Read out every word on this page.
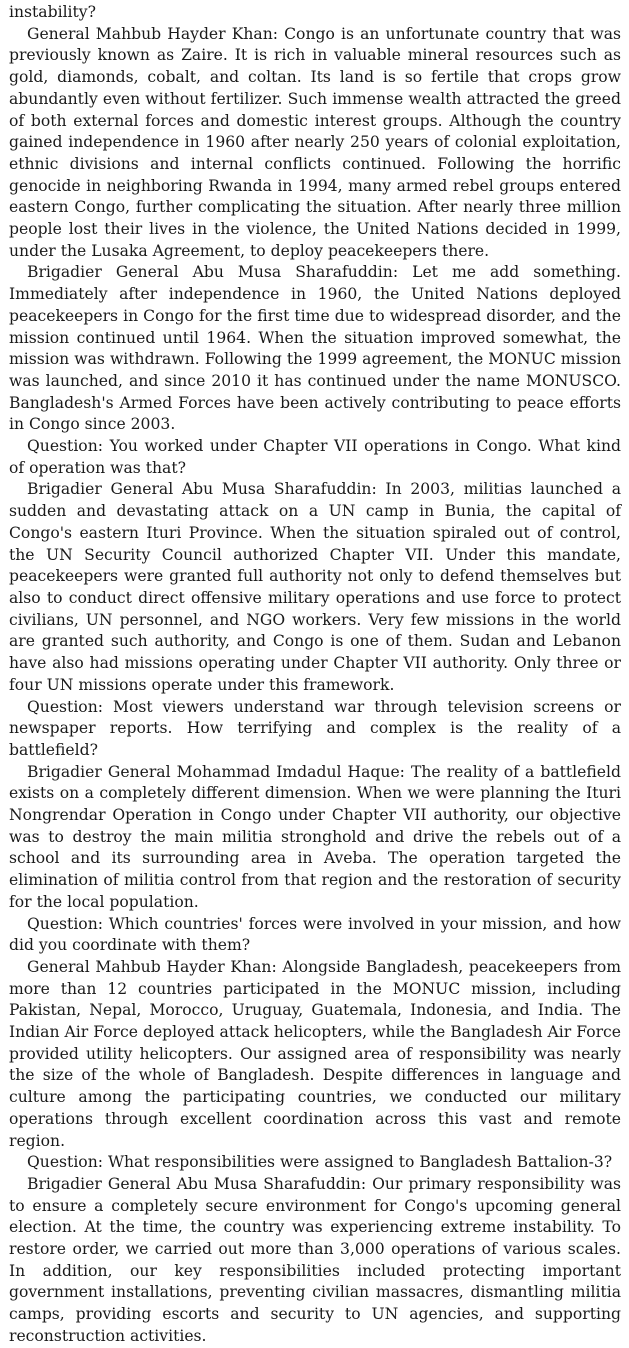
instability?

General Mahbub Hayder Khan: Congo is an unfortunate country that was previously known as Zaire. It is rich in valuable mineral resources such as gold, diamonds, cobalt, and coltan. Its land is so fertile that crops grow abundantly even without fertilizer. Such immense wealth attracted the greed of both external forces and domestic interest groups. Although the country gained independence in 1960 after nearly 250 years of colonial exploitation, ethnic divisions and internal conflicts continued. Following the horrific genocide in neighboring Rwanda in 1994, many armed rebel groups entered eastern Congo, further complicating the situation. After nearly three million people lost their lives in the violence, the United Nations decided in 1999, under the Lusaka Agreement, to deploy peacekeepers there.

Brigadier General Abu Musa Sharafuddin: Let me add something. Immediately after independence in 1960, the United Nations deployed peacekeepers in Congo for the first time due to widespread disorder, and the mission continued until 1964. When the situation improved somewhat, the mission was withdrawn. Following the 1999 agreement, the MONUC mission was launched, and since 2010 it has continued under the name MONUSCO. Bangladesh's Armed Forces have been actively contributing to peace efforts in Congo since 2003.

Question: You worked under Chapter VII operations in Congo. What kind of operation was that?

Brigadier General Abu Musa Sharafuddin: In 2003, militias launched a sudden and devastating attack on a UN camp in Bunia, the capital of Congo's eastern Ituri Province. When the situation spiraled out of control, the UN Security Council authorized Chapter VII. Under this mandate, peacekeepers were granted full authority not only to defend themselves but also to conduct direct offensive military operations and use force to protect civilians, UN personnel, and NGO workers. Very few missions in the world are granted such authority, and Congo is one of them. Sudan and Lebanon have also had missions operating under Chapter VII authority. Only three or four UN missions operate under this framework.

Question: Most viewers understand war through television screens or newspaper reports. How terrifying and complex is the reality of a battlefield?

Brigadier General Mohammad Imdadul Haque: The reality of a battlefield exists on a completely different dimension. When we were planning the Ituri Nongrendar Operation in Congo under Chapter VII authority, our objective was to destroy the main militia stronghold and drive the rebels out of a school and its surrounding area in Aveba. The operation targeted the elimination of militia control from that region and the restoration of security for the local population.

Question: Which countries' forces were involved in your mission, and how did you coordinate with them?

General Mahbub Hayder Khan: Alongside Bangladesh, peacekeepers from more than 12 countries participated in the MONUC mission, including Pakistan, Nepal, Morocco, Uruguay, Guatemala, Indonesia, and India. The Indian Air Force deployed attack helicopters, while the Bangladesh Air Force provided utility helicopters. Our assigned area of responsibility was nearly the size of the whole of Bangladesh. Despite differences in language and culture among the participating countries, we conducted our military operations through excellent coordination across this vast and remote region.

Question: What responsibilities were assigned to Bangladesh Battalion-3?

Brigadier General Abu Musa Sharafuddin: Our primary responsibility was to ensure a completely secure environment for Congo's upcoming general election. At the time, the country was experiencing extreme instability. To restore order, we carried out more than 3,000 operations of various scales. In addition, our key responsibilities included protecting important government installations, preventing civilian massacres, dismantling militia camps, providing escorts and security to UN agencies, and supporting reconstruction activities.
